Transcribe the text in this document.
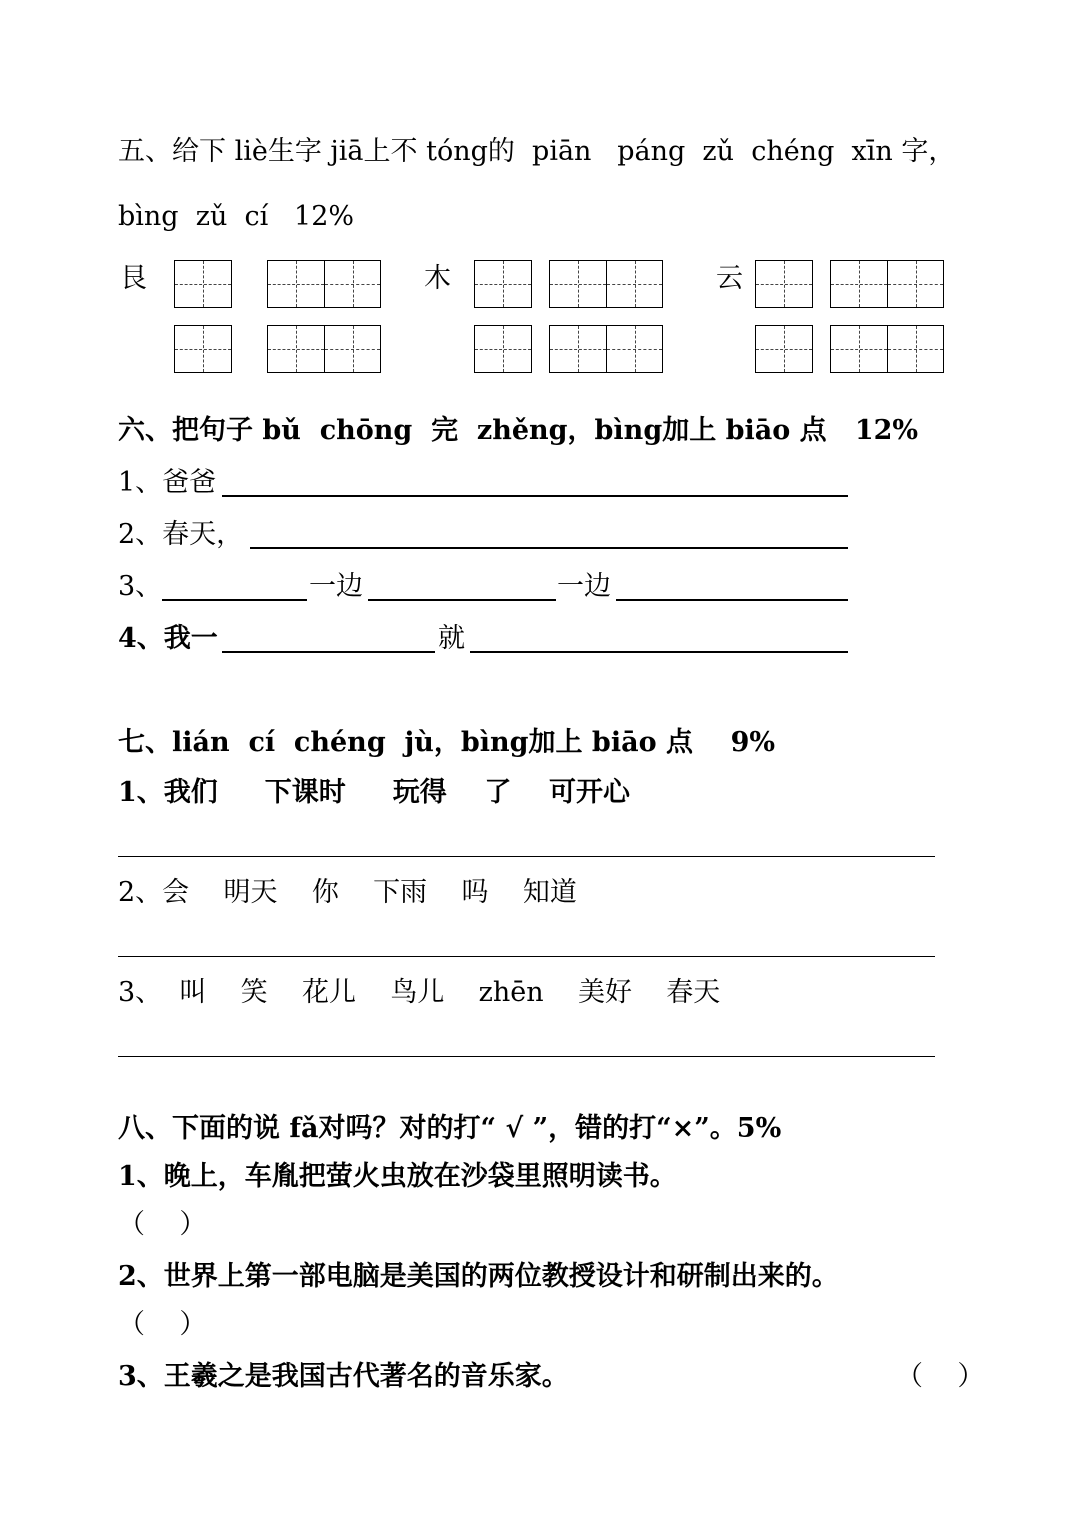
五、给下 liè生字 jiā上不 tóng的  piān   páng  zǔ  chéng  xīn 字，
bìng  zǔ  cí   12%
艮	木	云
六、把句子 bǔ  chōng  完  zhěng，bìng加上 biāo 点   12%
1、爸爸
2、春天，
3、	一边	一边
4、我一	就
七、lián  cí  chéng  jù，bìng加上 biāo 点    9%
1、我们     下课时     玩得    了    可开心
2、会    明天    你    下雨    吗    知道
3、  叫    笑    花儿    鸟儿    zhēn    美好    春天
八、下面的说 fǎ对吗？对的打“ √ ”，错的打“×”。5%
1、晚上，车胤把萤火虫放在沙袋里照明读书。
（    ）
2、世界上第一部电脑是美国的两位教授设计和研制出来的。
（    ）
3、王羲之是我国古代著名的音乐家。	（    ）
